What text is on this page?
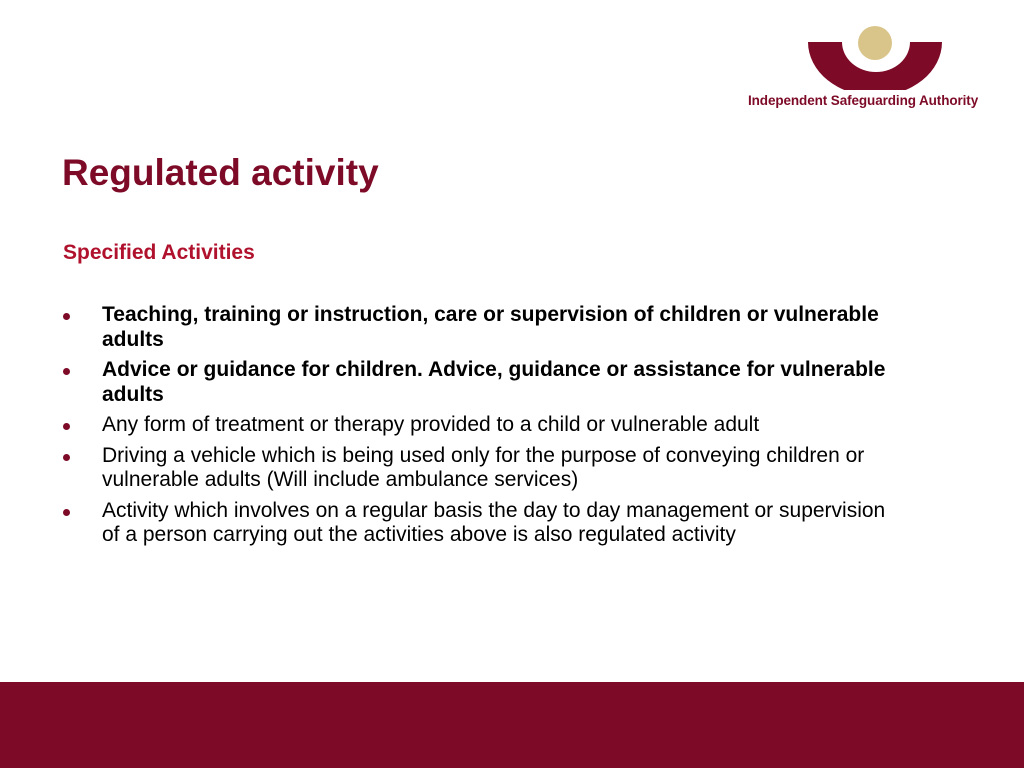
Independent Safeguarding Authority
Regulated activity
Specified Activities
Teaching, training or instruction, care or supervision of children or vulnerable adults
Advice or guidance for children. Advice, guidance or assistance for vulnerable adults
Any form of treatment or therapy provided to a child or vulnerable adult
Driving a vehicle which is being used only for the purpose of conveying children or vulnerable adults (Will include ambulance services)
Activity which involves on a regular basis the day to day management or supervision of a person carrying out the activities above is also regulated activity
